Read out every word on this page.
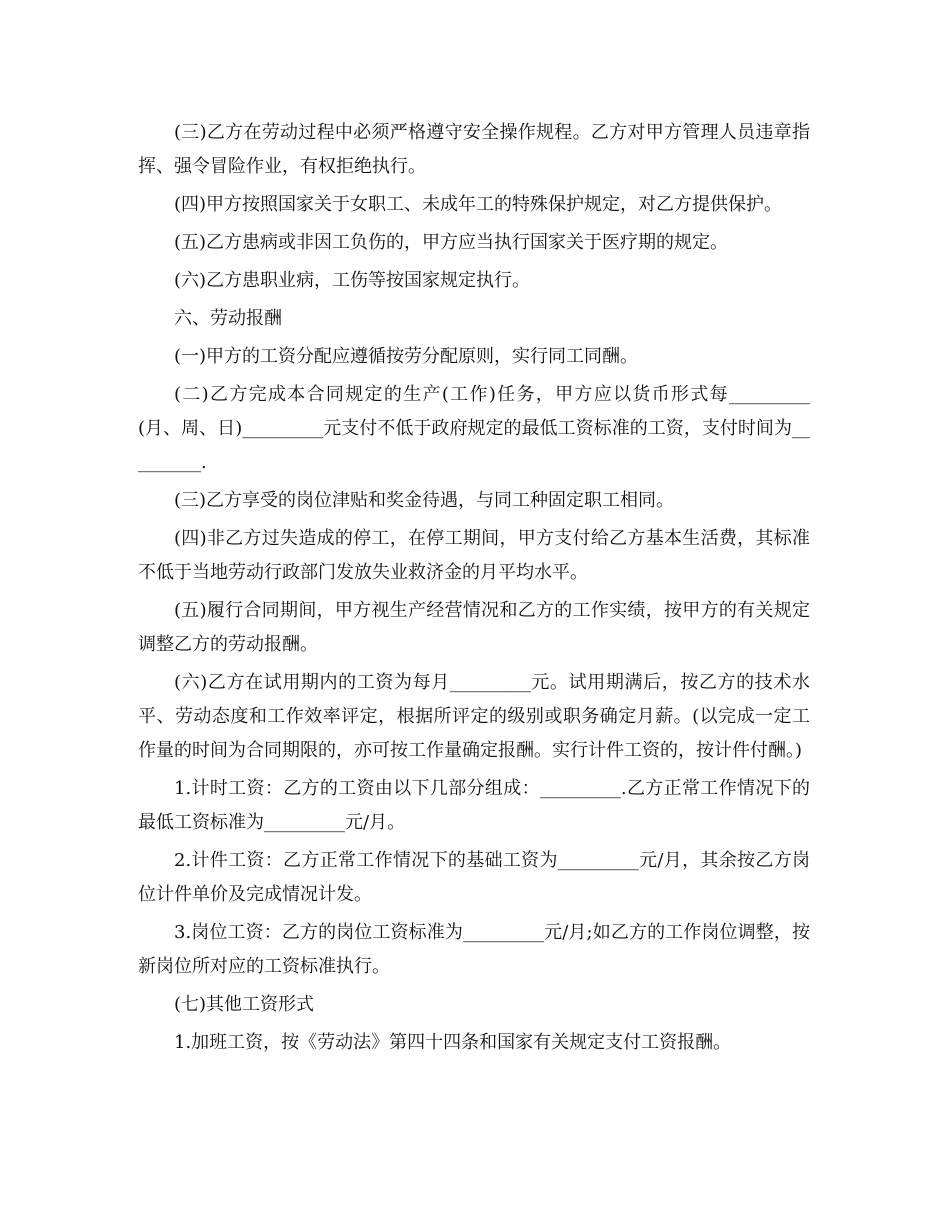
(三)乙方在劳动过程中必须严格遵守安全操作规程。乙方对甲方管理人员违章指挥、强令冒险作业，有权拒绝执行。

(四)甲方按照国家关于女职工、未成年工的特殊保护规定，对乙方提供保护。

(五)乙方患病或非因工负伤的，甲方应当执行国家关于医疗期的规定。

(六)乙方患职业病，工伤等按国家规定执行。

六、劳动报酬

(一)甲方的工资分配应遵循按劳分配原则，实行同工同酬。

(二)乙方完成本合同规定的生产(工作)任务，甲方应以货币形式每_________(月、周、日)_________元支付不低于政府规定的最低工资标准的工资，支付时间为_________.

(三)乙方享受的岗位津贴和奖金待遇，与同工种固定职工相同。

(四)非乙方过失造成的停工，在停工期间，甲方支付给乙方基本生活费，其标准不低于当地劳动行政部门发放失业救济金的月平均水平。

(五)履行合同期间，甲方视生产经营情况和乙方的工作实绩，按甲方的有关规定调整乙方的劳动报酬。

(六)乙方在试用期内的工资为每月_________元。试用期满后，按乙方的技术水平、劳动态度和工作效率评定，根据所评定的级别或职务确定月薪。(以完成一定工作量的时间为合同期限的，亦可按工作量确定报酬。实行计件工资的，按计件付酬。)

1.计时工资：乙方的工资由以下几部分组成：_________.乙方正常工作情况下的最低工资标准为_________元/月。

2.计件工资：乙方正常工作情况下的基础工资为_________元/月，其余按乙方岗位计件单价及完成情况计发。

3.岗位工资：乙方的岗位工资标准为_________元/月;如乙方的工作岗位调整，按新岗位所对应的工资标准执行。

(七)其他工资形式

1.加班工资，按《劳动法》第四十四条和国家有关规定支付工资报酬。
